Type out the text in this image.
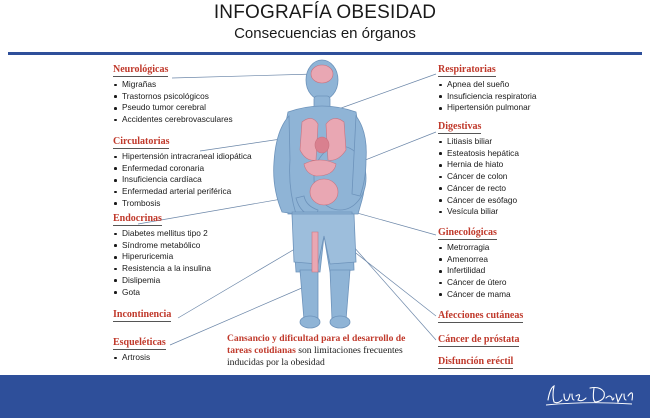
INFOGRAFÍA OBESIDAD
Consecuencias en órganos
Neurológicas
Migrañas
Trastornos psicológicos
Pseudo tumor cerebral
Accidentes cerebrovasculares
Circulatorias
Hipertensión intracraneal idiopática
Enfermedad coronaria
Insuficiencia cardíaca
Enfermedad arterial periférica
Trombosis
Endocrinas
Diabetes mellitus tipo 2
Síndrome metabólico
Hiperuricemia
Resistencia a la insulina
Dislipemia
Gota
Incontinencia
Esqueléticas
Artrosis
Respiratorias
Apnea del sueño
Insuficiencia respiratoria
Hipertensión pulmonar
Digestivas
Litiasis biliar
Esteatosis hepática
Hernia de hiato
Cáncer de colon
Cáncer de recto
Cáncer de esófago
Vesícula biliar
Ginecológicas
Metrorragia
Amenorrea
Infertilidad
Cáncer de útero
Cáncer de mama
Afecciones cutáneas
Cáncer de próstata
Disfunción eréctil
Cansancio y dificultad para el desarrollo de tareas cotidianas son limitaciones frecuentes inducidas por la obesidad
